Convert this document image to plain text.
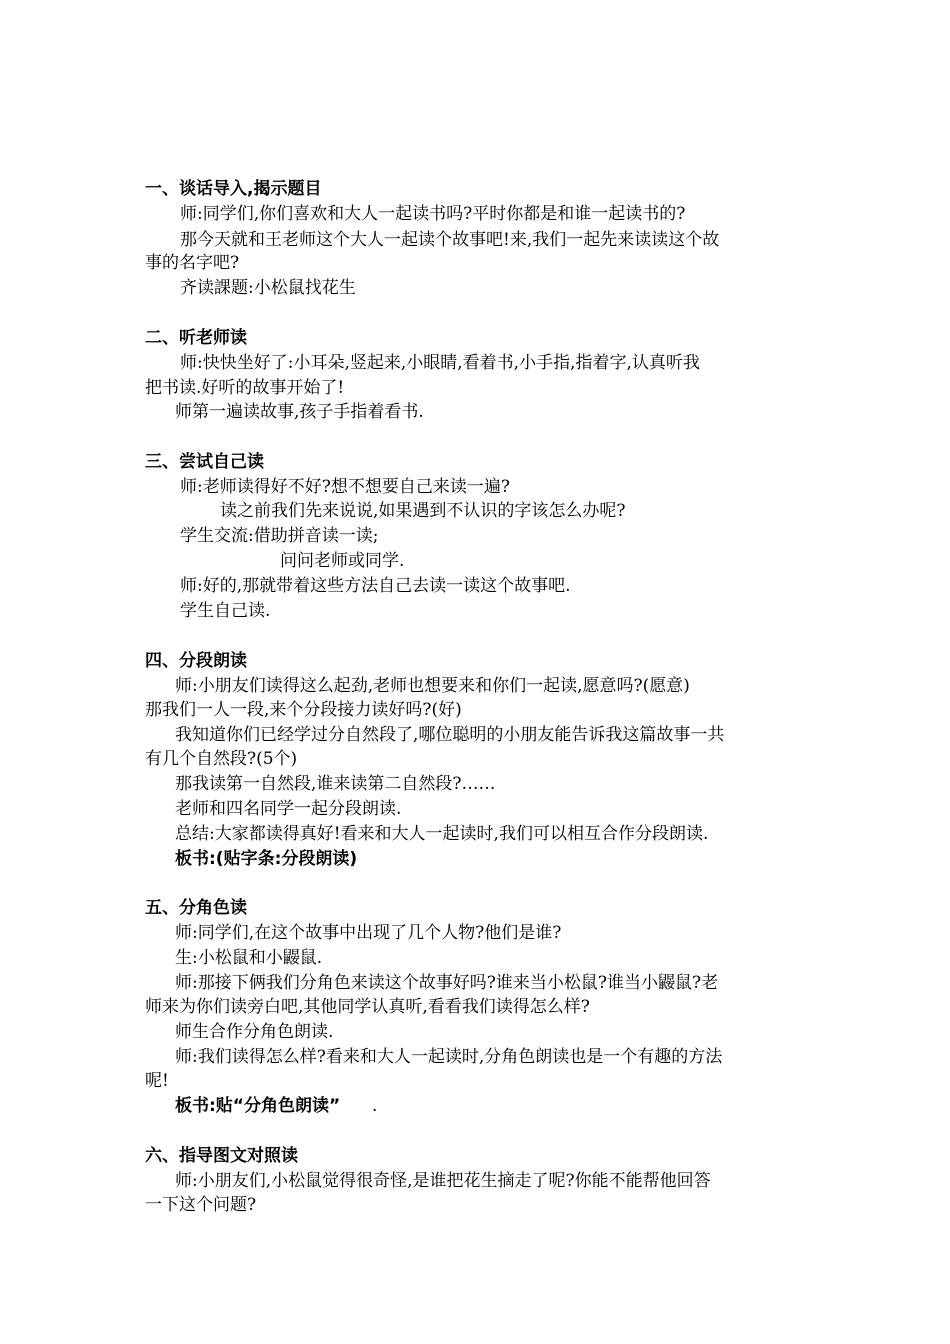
一、谈话导入,揭示题目
师:同学们,你们喜欢和大人一起读书吗?平时你都是和谁一起读书的?
那今天就和王老师这个大人一起读个故事吧!来,我们一起先来读读这个故
事的名字吧?
齐读課题:小松鼠找花生
二、听老师读
师:快快坐好了:小耳朵,竖起来,小眼睛,看着书,小手指,指着字,认真听我
把书读.好听的故事开始了!
师第一遍读故事,孩子手指着看书.
三、尝试自己读
师:老师读得好不好?想不想要自己来读一遍?
读之前我们先来说说,如果遇到不认识的字该怎么办呢?
学生交流:借助拼音读一读;
问问老师或同学.
师:好的,那就带着这些方法自己去读一读这个故事吧.
学生自己读.
四、分段朗读
师:小朋友们读得这么起劲,老师也想要来和你们一起读,愿意吗?(愿意)
那我们一人一段,来个分段接力读好吗?(好)
我知道你们已经学过分自然段了,哪位聪明的小朋友能告诉我这篇故事一共
有几个自然段?(5个)
那我读第一自然段,谁来读第二自然段?……
老师和四名同学一起分段朗读.
总结:大家都读得真好!看来和大人一起读时,我们可以相互合作分段朗读.
板书:(贴字条:分段朗读)
五、分角色读
师:同学们,在这个故事中出现了几个人物?他们是谁?
生:小松鼠和小鼹鼠.
师:那接下俩我们分角色来读这个故事好吗?谁来当小松鼠?谁当小鼹鼠?老
师来为你们读旁白吧,其他同学认真听,看看我们读得怎么样?
师生合作分角色朗读.
师:我们读得怎么样?看来和大人一起读时,分角色朗读也是一个有趣的方法
呢!
板书:贴“分角色朗读” .
六、指导图文对照读
师:小朋友们,小松鼠觉得很奇怪,是谁把花生摘走了呢?你能不能帮他回答
一下这个问题?
